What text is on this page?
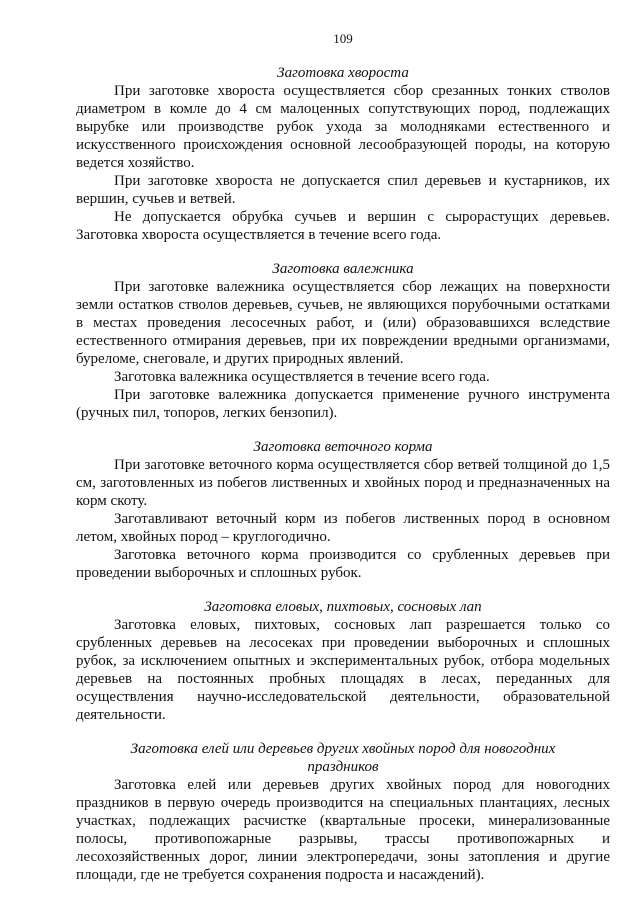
109

Заготовка хвороста

При заготовке хвороста осуществляется сбор срезанных тонких стволов диаметром в комле до 4 см малоценных сопутствующих пород, подлежащих вырубке или производстве рубок ухода за молодняками естественного и искусственного происхождения основной лесообразующей породы, на которую ведется хозяйство.

При заготовке хвороста не допускается спил деревьев и кустарников, их вершин, сучьев и ветвей.

Не допускается обрубка сучьев и вершин с сырорастущих деревьев. Заготовка хвороста осуществляется в течение всего года.

Заготовка валежника

При заготовке валежника осуществляется сбор лежащих на поверхности земли остатков стволов деревьев, сучьев, не являющихся порубочными остатками в местах проведения лесосечных работ, и (или) образовавшихся вследствие естественного отмирания деревьев, при их повреждении вредными организмами, буреломе, снеговале, и других природных явлений.

Заготовка валежника осуществляется в течение всего года.

При заготовке валежника допускается применение ручного инструмента (ручных пил, топоров, легких бензопил).

Заготовка веточного корма

При заготовке веточного корма осуществляется сбор ветвей толщиной до 1,5 см, заготовленных из побегов лиственных и хвойных пород и предназначенных на корм скоту.

Заготавливают веточный корм из побегов лиственных пород в основном летом, хвойных пород – круглогодично.

Заготовка веточного корма производится со срубленных деревьев при проведении выборочных и сплошных рубок.

Заготовка еловых, пихтовых, сосновых лап

Заготовка еловых, пихтовых, сосновых лап разрешается только со срубленных деревьев на лесосеках при проведении выборочных и сплошных рубок, за исключением опытных и экспериментальных рубок, отбора модельных деревьев на постоянных пробных площадях в лесах, переданных для осуществления научно-исследовательской деятельности, образовательной деятельности.

Заготовка елей или деревьев других хвойных пород для новогодних праздников

Заготовка елей или деревьев других хвойных пород для новогодних праздников в первую очередь производится на специальных плантациях, лесных участках, подлежащих расчистке (квартальные просеки, минерализованные полосы, противопожарные разрывы, трассы противопожарных и лесохозяйственных дорог, линии электропередачи, зоны затопления и другие площади, где не требуется сохранения подроста и насаждений).
